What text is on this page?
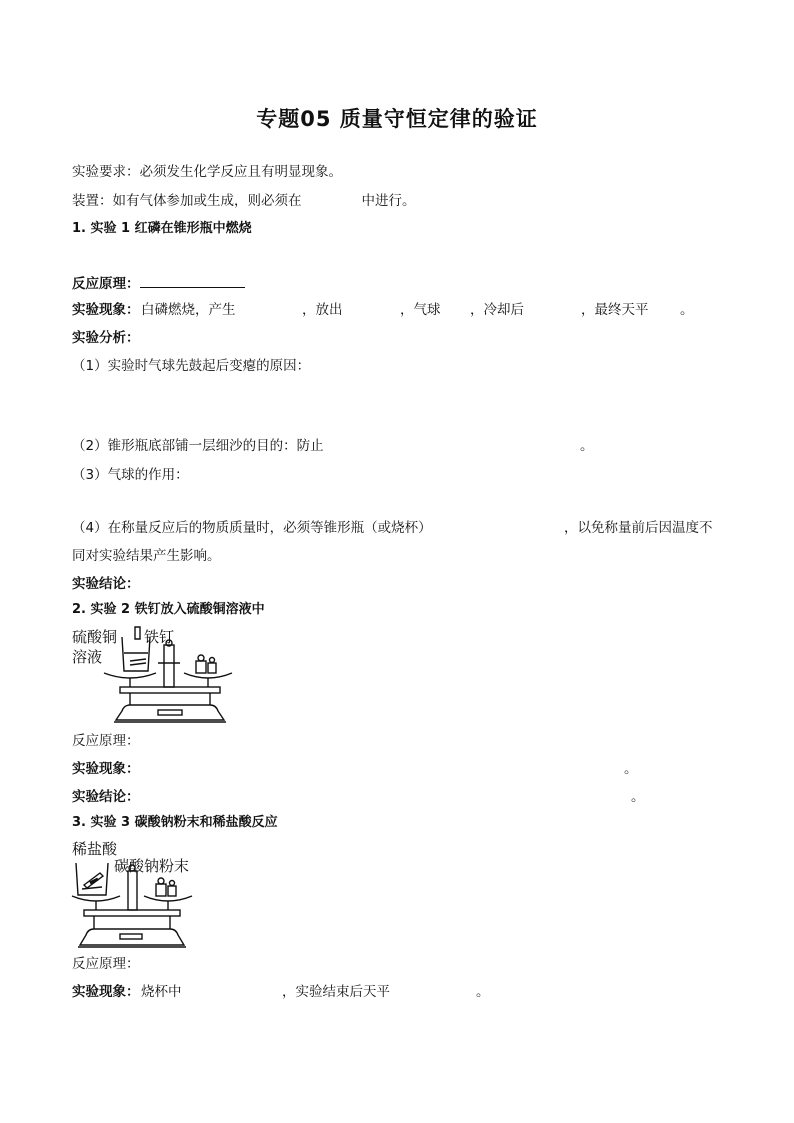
专题05 质量守恒定律的验证
实验要求：必须发生化学反应且有明显现象。
装置：如有气体参加或生成，则必须在	中进行。
1. 实验 1 红磷在锥形瓶中燃烧
反应原理：
实验现象： 白磷燃烧，产生	，放出	，气球 ，冷却后	，最终天平 。
实验分析：
（1）实验时气球先鼓起后变瘪的原因：
（2）锥形瓶底部铺一层细沙的目的：防止	。
（3）气球的作用：
（4）在称量反应后的物质质量时，必须等锥形瓶（或烧杯）	，以免称量前后因温度不
同对实验结果产生影响。
实验结论：
2. 实验 2 铁钉放入硫酸铜溶液中
硫酸铜
溶液
铁钉
反应原理：
实验现象：	。
实验结论：	。
3. 实验 3 碳酸钠粉末和稀盐酸反应
稀盐酸
碳酸钠粉末
反应原理：
实验现象： 烧杯中	，实验结束后天平	。
